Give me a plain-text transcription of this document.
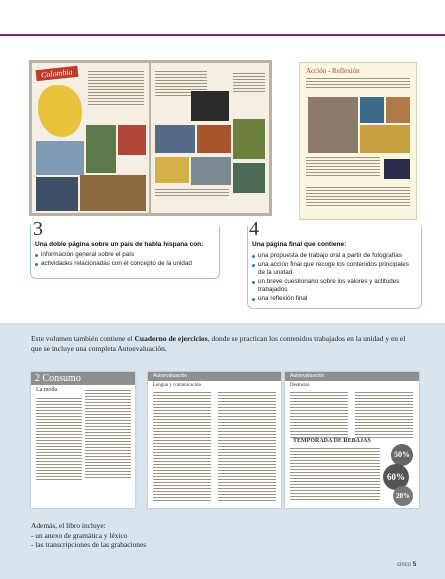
Colombia	Acción - Reflexión
3
Una doble página sobre un país de habla hispana con:
información general sobre el país
actividades relacionadas con el concepto de la unidad
4
Una página final que contiene:
una propuesta de trabajo oral a partir de fotografías
una acción final que recoge los contenidos principales de la unidad
un breve cuestionario sobre los valores y actitudes trabajados
una reflexión final
Este volumen también contiene el Cuaderno de ejercicios, donde se practican los contenidos trabajados en la unidad y en el que se incluye una completa Autoevaluación.
2 Consumo
La moda
Autoevaluación
Lengua y comunicación
Autoevaluación
Destrezas
TEMPORADA DE REBAJAS
50%
60%
20%
Además, el libro incluye:
- un anexo de gramática y léxico
- las transcripciones de las grabaciones
cinco 5
